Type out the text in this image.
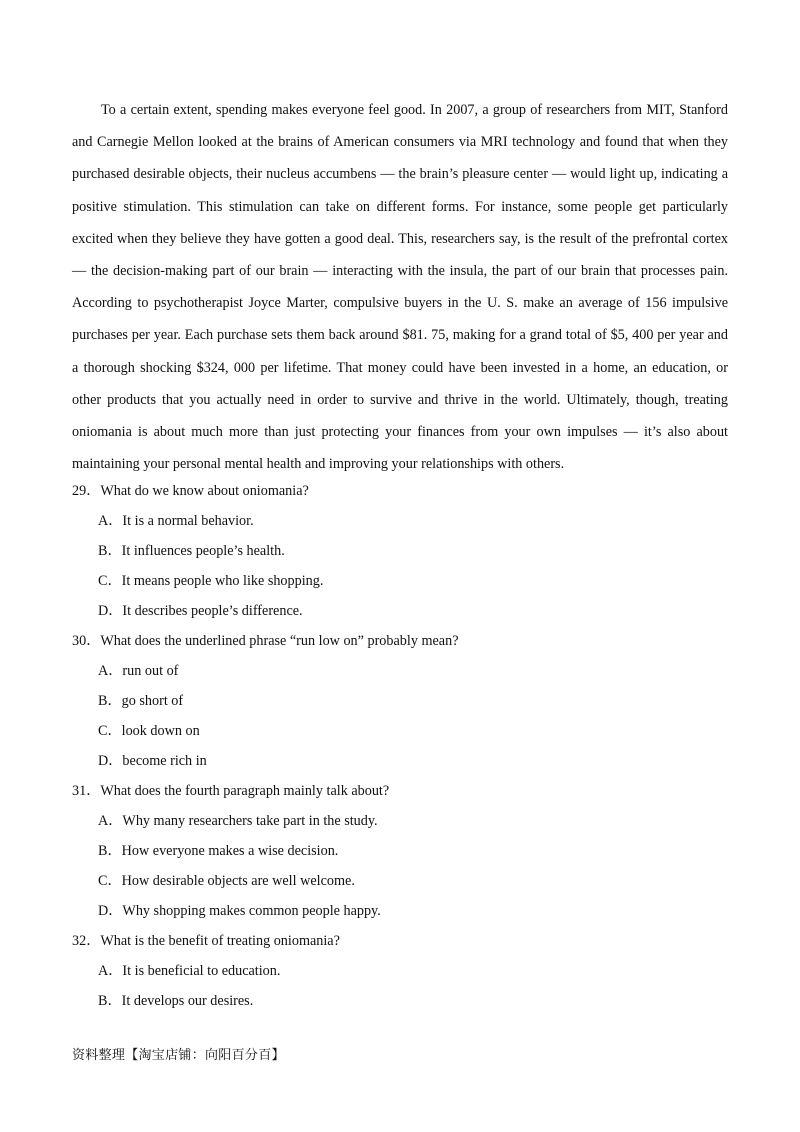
To a certain extent, spending makes everyone feel good. In 2007, a group of researchers from MIT, Stanford and Carnegie Mellon looked at the brains of American consumers via MRI technology and found that when they purchased desirable objects, their nucleus accumbens — the brain’s pleasure center — would light up, indicating a positive stimulation. This stimulation can take on different forms. For instance, some people get particularly excited when they believe they have gotten a good deal. This, researchers say, is the result of the prefrontal cortex — the decision-making part of our brain — interacting with the insula, the part of our brain that processes pain. According to psychotherapist Joyce Marter, compulsive buyers in the U. S. make an average of 156 impulsive purchases per year. Each purchase sets them back around $81. 75, making for a grand total of $5, 400 per year and a thorough shocking $324, 000 per lifetime. That money could have been invested in a home, an education, or other products that you actually need in order to survive and thrive in the world. Ultimately, though, treating oniomania is about much more than just protecting your finances from your own impulses — it’s also about maintaining your personal mental health and improving your relationships with others.

29．What do we know about oniomania?
A．It is a normal behavior.
B．It influences people’s health.
C．It means people who like shopping.
D．It describes people’s difference.
30．What does the underlined phrase “run low on” probably mean?
A．run out of
B．go short of
C．look down on
D．become rich in
31．What does the fourth paragraph mainly talk about?
A．Why many researchers take part in the study.
B．How everyone makes a wise decision.
C．How desirable objects are well welcome.
D．Why shopping makes common people happy.
32．What is the benefit of treating oniomania?
A．It is beneficial to education.
B．It develops our desires.
资料整理【淘宝店铺：向阳百分百】
